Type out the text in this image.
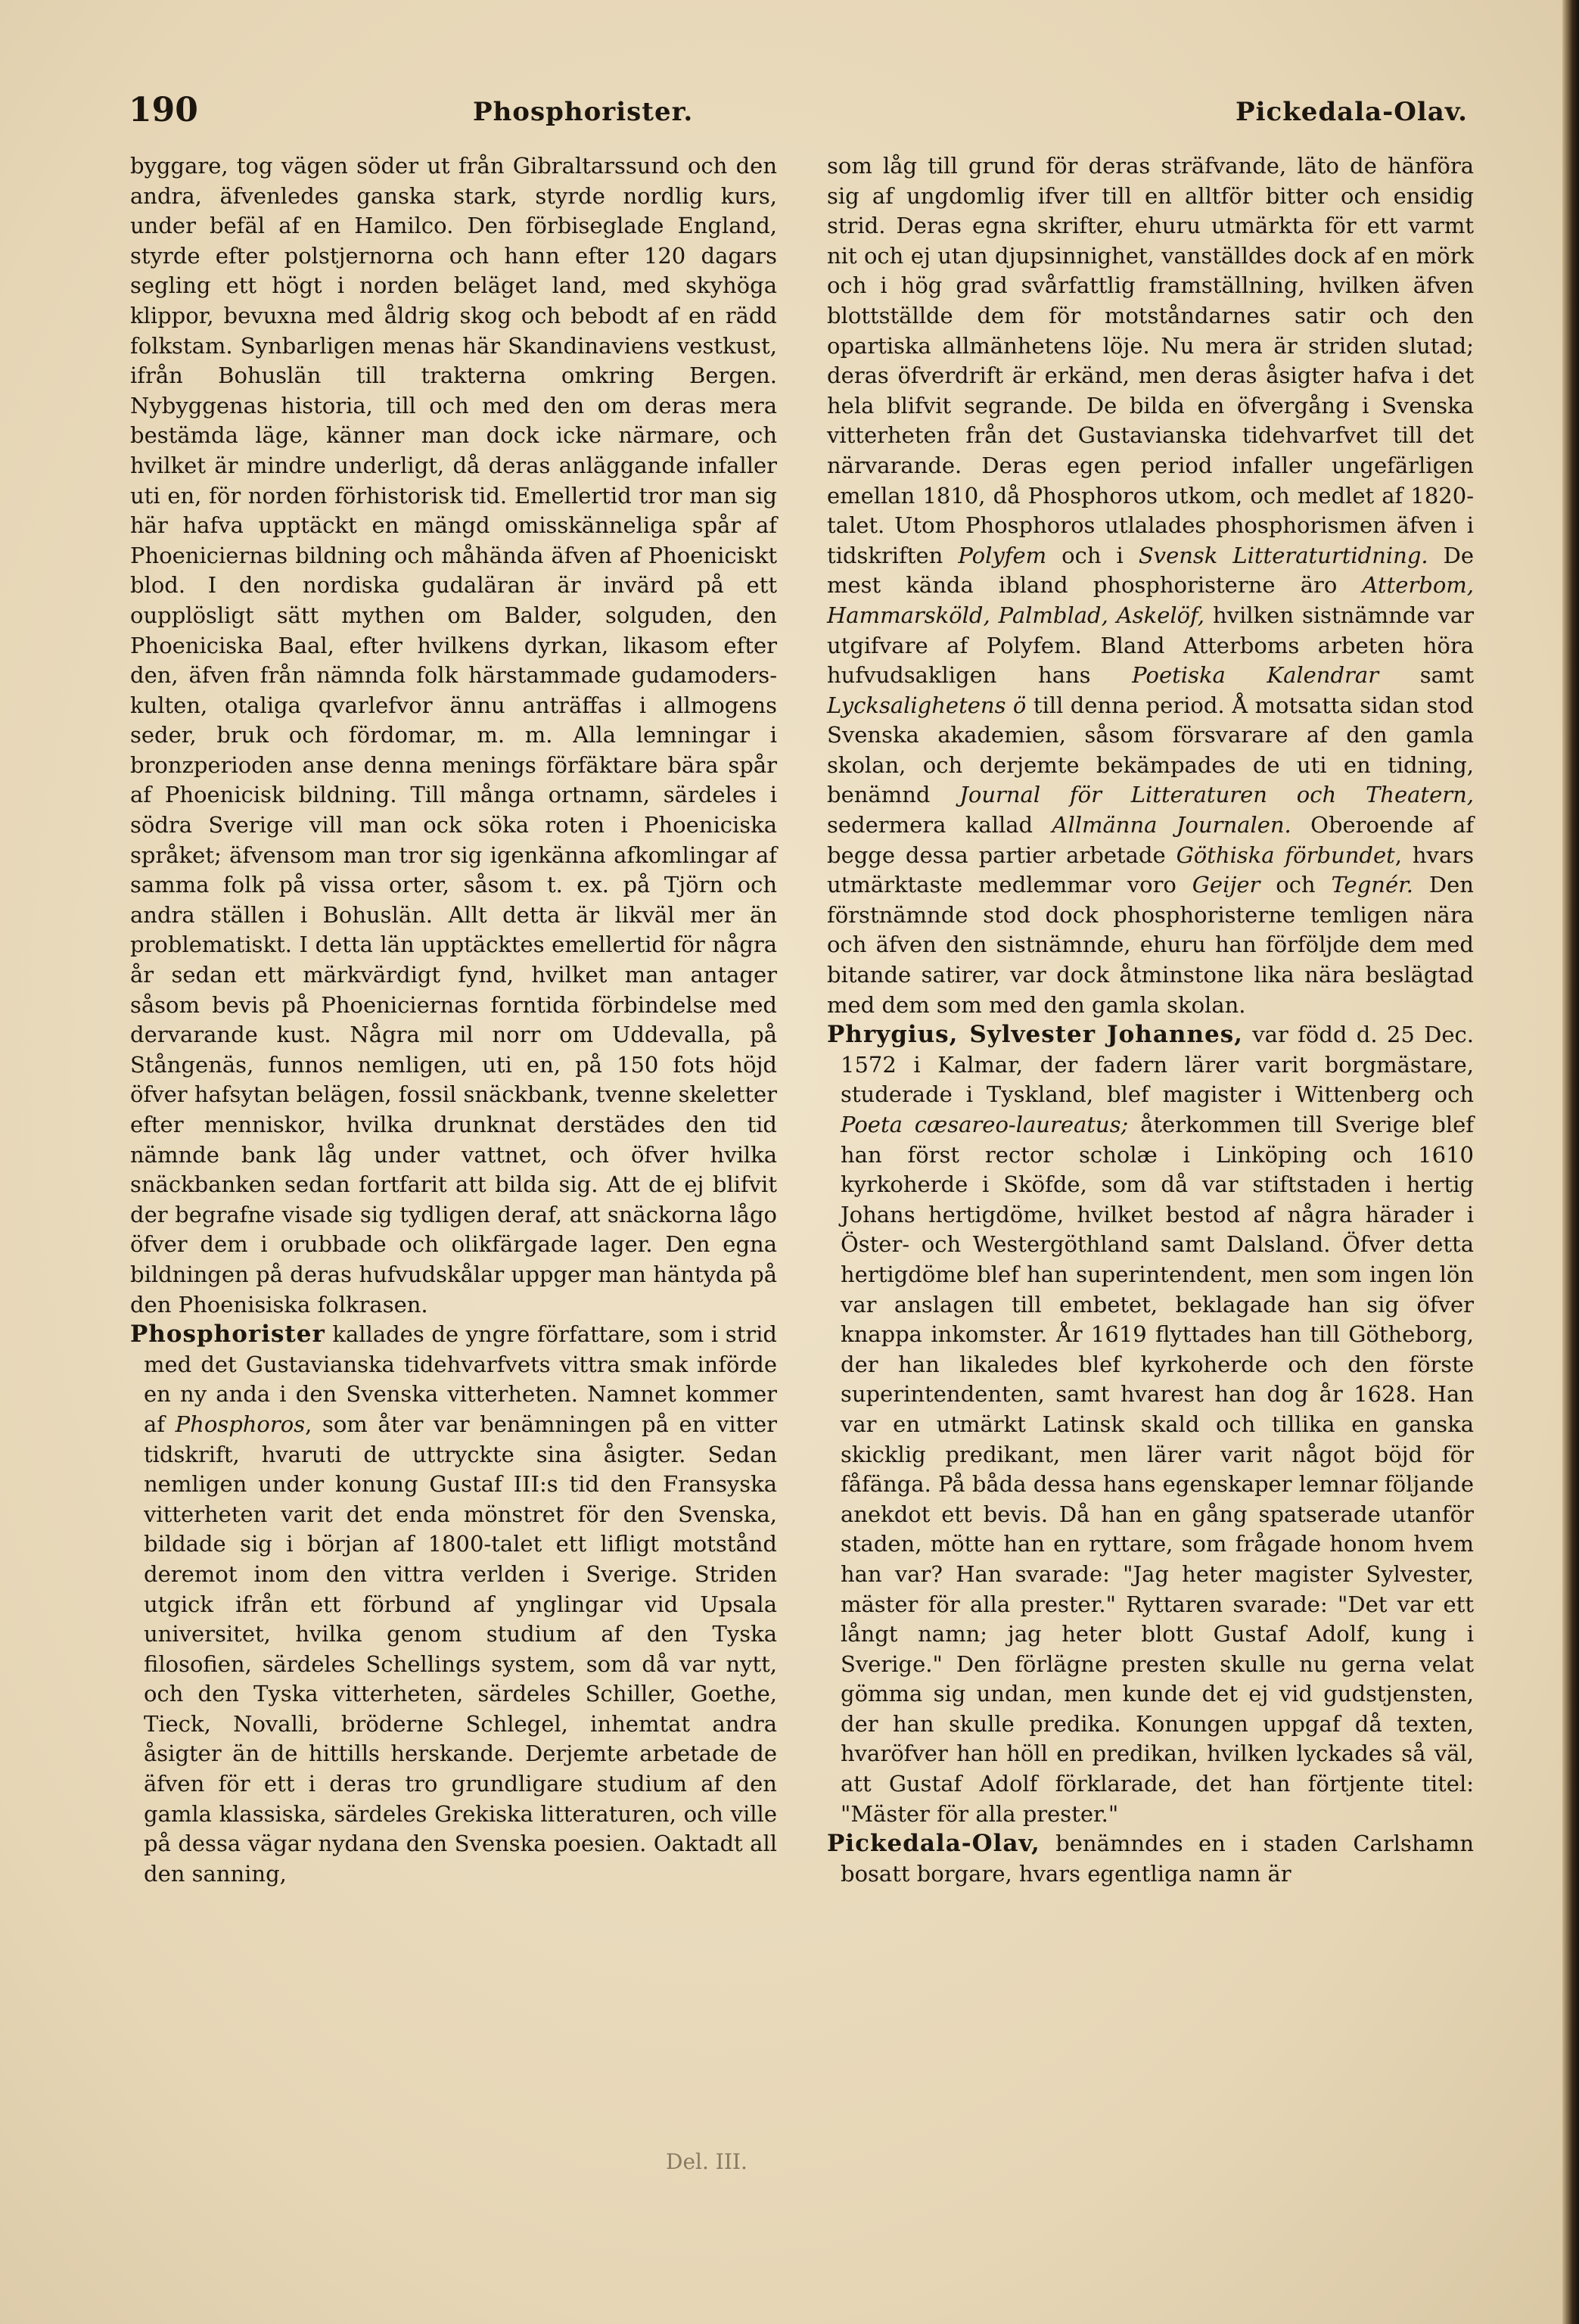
190	Phosphorister.	Pickedala-Olav.

byggare, tog vägen söder ut från Gibraltarssund och den andra, äfvenledes ganska stark, styrde nordlig kurs, under befäl af en Hamilco. Den förbiseglade England, styrde efter polstjernorna och hann efter 120 dagars segling ett högt i norden beläget land, med skyhöga klippor, bevuxna med åldrig skog och bebodt af en rädd folkstam. Synbarligen menas här Skandinaviens vestkust, ifrån Bohuslän till trakterna omkring Bergen. Nybyggenas historia, till och med den om deras mera bestämda läge, känner man dock icke närmare, och hvilket är mindre underligt, då deras anläggande infaller uti en, för norden förhistorisk tid. Emellertid tror man sig här hafva upptäckt en mängd omisskänneliga spår af Phoeniciernas bildning och måhända äfven af Phoeniciskt blod. I den nordiska gudaläran är invärd på ett oupplösligt sätt mythen om Balder, solguden, den Phoeniciska Baal, efter hvilkens dyrkan, likasom efter den, äfven från nämnda folk härstammade gudamoders-kulten, otaliga qvarlefvor ännu anträffas i allmogens seder, bruk och fördomar, m. m. Alla lemningar i bronzperioden anse denna menings förfäktare bära spår af Phoenicisk bildning. Till många ortnamn, särdeles i södra Sverige vill man ock söka roten i Phoeniciska språket; äfvensom man tror sig igenkänna afkomlingar af samma folk på vissa orter, såsom t. ex. på Tjörn och andra ställen i Bohuslän. Allt detta är likväl mer än problematiskt. I detta län upptäcktes emellertid för några år sedan ett märkvärdigt fynd, hvilket man antager såsom bevis på Phoeniciernas forntida förbindelse med dervarande kust. Några mil norr om Uddevalla, på Stångenäs, funnos nemligen, uti en, på 150 fots höjd öfver hafsytan belägen, fossil snäckbank, tvenne skeletter efter menniskor, hvilka drunknat derstädes den tid nämnde bank låg under vattnet, och öfver hvilka snäckbanken sedan fortfarit att bilda sig. Att de ej blifvit der begrafne visade sig tydligen deraf, att snäckorna lågo öfver dem i orubbade och olikfärgade lager. Den egna bildningen på deras hufvudskålar uppger man häntyda på den Phoenisiska folkrasen.

Phosphorister kallades de yngre författare, som i strid med det Gustavianska tidehvarfvets vittra smak införde en ny anda i den Svenska vitterheten. Namnet kommer af Phosphoros, som åter var benämningen på en vitter tidskrift, hvaruti de uttryckte sina åsigter. Sedan nemligen under konung Gustaf III:s tid den Fransyska vitterheten varit det enda mönstret för den Svenska, bildade sig i början af 1800-talet ett lifligt motstånd deremot inom den vittra verlden i Sverige. Striden utgick ifrån ett förbund af ynglingar vid Upsala universitet, hvilka genom studium af den Tyska filosofien, särdeles Schellings system, som då var nytt, och den Tyska vitterheten, särdeles Schiller, Goethe, Tieck, Novalli, bröderne Schlegel, inhemtat andra åsigter än de hittills herskande. Derjemte arbetade de äfven för ett i deras tro grundligare studium af den gamla klassiska, särdeles Grekiska litteraturen, och ville på dessa vägar nydana den Svenska poesien. Oaktadt all den sanning,

som låg till grund för deras sträfvande, läto de hänföra sig af ungdomlig ifver till en alltför bitter och ensidig strid. Deras egna skrifter, ehuru utmärkta för ett varmt nit och ej utan djupsinnighet, vanställdes dock af en mörk och i hög grad svårfattlig framställning, hvilken äfven blottställde dem för motståndarnes satir och den opartiska allmänhetens löje. Nu mera är striden slutad; deras öfverdrift är erkänd, men deras åsigter hafva i det hela blifvit segrande. De bilda en öfvergång i Svenska vitterheten från det Gustavianska tidehvarfvet till det närvarande. Deras egen period infaller ungefärligen emellan 1810, då Phosphoros utkom, och medlet af 1820-talet. Utom Phosphoros utlalades phosphorismen äfven i tidskriften Polyfem och i Svensk Litteraturtidning. De mest kända ibland phosphoristerne äro Atterbom, Hammarsköld, Palmblad, Askelöf, hvilken sistnämnde var utgifvare af Polyfem. Bland Atterboms arbeten höra hufvudsakligen hans Poetiska Kalendrar samt Lycksalighetens ö till denna period. Å motsatta sidan stod Svenska akademien, såsom försvarare af den gamla skolan, och derjemte bekämpades de uti en tidning, benämnd Journal för Litteraturen och Theatern, sedermera kallad Allmänna Journalen. Oberoende af begge dessa partier arbetade Göthiska förbundet, hvars utmärktaste medlemmar voro Geijer och Tegnér. Den förstnämnde stod dock phosphoristerne temligen nära och äfven den sistnämnde, ehuru han förföljde dem med bitande satirer, var dock åtminstone lika nära beslägtad med dem som med den gamla skolan.

Phrygius, Sylvester Johannes, var född d. 25 Dec. 1572 i Kalmar, der fadern lärer varit borgmästare, studerade i Tyskland, blef magister i Wittenberg och Poeta cæsareo-laureatus; återkommen till Sverige blef han först rector scholæ i Linköping och 1610 kyrkoherde i Sköfde, som då var stiftstaden i hertig Johans hertigdöme, hvilket bestod af några härader i Öster- och Westergöthland samt Dalsland. Öfver detta hertigdöme blef han superintendent, men som ingen lön var anslagen till embetet, beklagade han sig öfver knappa inkomster. År 1619 flyttades han till Götheborg, der han likaledes blef kyrkoherde och den förste superintendenten, samt hvarest han dog år 1628. Han var en utmärkt Latinsk skald och tillika en ganska skicklig predikant, men lärer varit något böjd för fåfänga. På båda dessa hans egenskaper lemnar följande anekdot ett bevis. Då han en gång spatserade utanför staden, mötte han en ryttare, som frågade honom hvem han var? Han svarade: "Jag heter magister Sylvester, mäster för alla prester." Ryttaren svarade: "Det var ett långt namn; jag heter blott Gustaf Adolf, kung i Sverige." Den förlägne presten skulle nu gerna velat gömma sig undan, men kunde det ej vid gudstjensten, der han skulle predika. Konungen uppgaf då texten, hvaröfver han höll en predikan, hvilken lyckades så väl, att Gustaf Adolf förklarade, det han förtjente titel: "Mäster för alla prester."

Pickedala-Olav, benämndes en i staden Carlshamn bosatt borgare, hvars egentliga namn är

Del. III.
